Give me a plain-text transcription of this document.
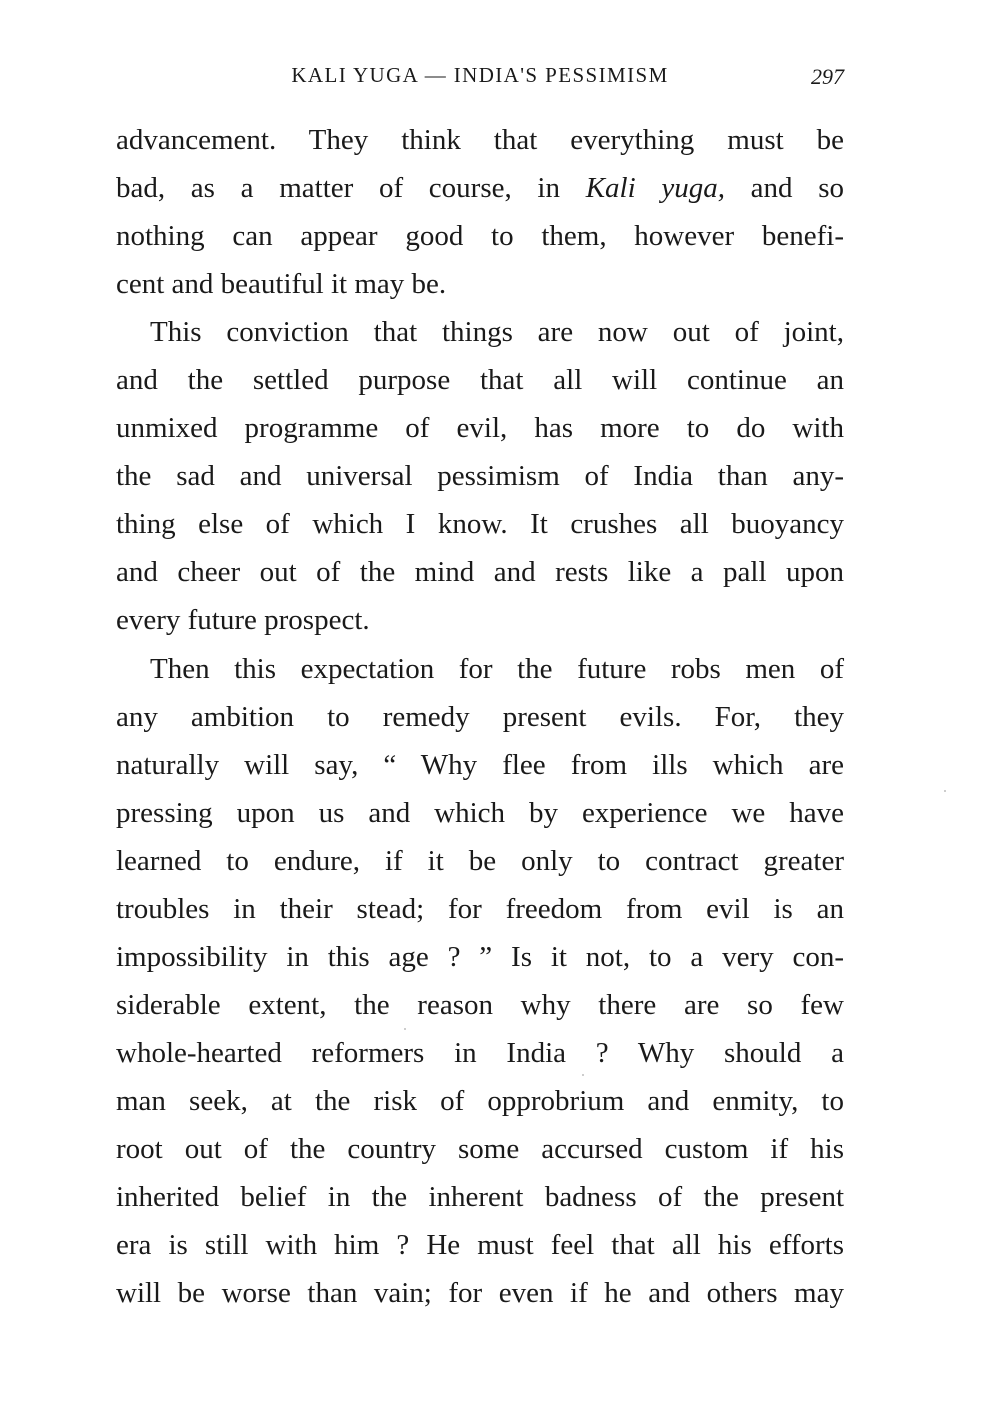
KALI YUGA — INDIA'S PESSIMISM	297
advancement. They think that everything must be
bad, as a matter of course, in Kali yuga, and so
nothing can appear good to them, however benefi-
cent and beautiful it may be.
This conviction that things are now out of joint,
and the settled purpose that all will continue an
unmixed programme of evil, has more to do with
the sad and universal pessimism of India than any-
thing else of which I know. It crushes all buoyancy
and cheer out of the mind and rests like a pall upon
every future prospect.
Then this expectation for the future robs men of
any ambition to remedy present evils. For, they
naturally will say, “ Why flee from ills which are
pressing upon us and which by experience we have
learned to endure, if it be only to contract greater
troubles in their stead; for freedom from evil is an
impossibility in this age ? ” Is it not, to a very con-
siderable extent, the reason why there are so few
whole-hearted reformers in India ? Why should a
man seek, at the risk of opprobrium and enmity, to
root out of the country some accursed custom if his
inherited belief in the inherent badness of the present
era is still with him ? He must feel that all his efforts
will be worse than vain; for even if he and others may
